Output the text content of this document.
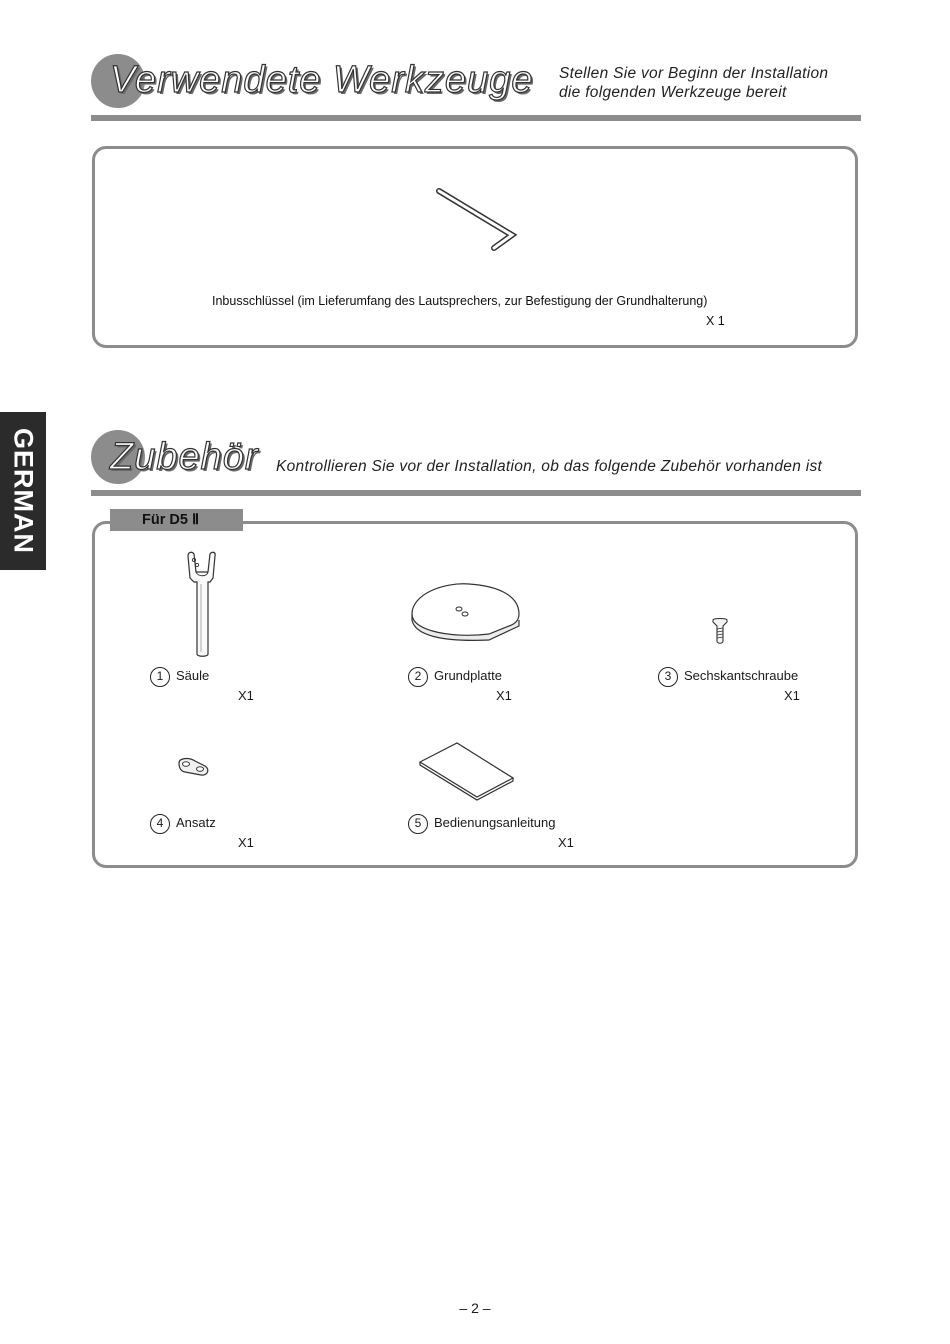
Verwendete Werkzeuge Stellen Sie vor Beginn der Installation
die folgenden Werkzeuge bereit
Inbusschlüssel (im Lieferumfang des Lautsprechers, zur Befestigung der Grundhalterung)
X 1
GERMAN Zubehör Kontrollieren Sie vor der Installation, ob das folgende Zubehör vorhanden ist
Für D5 Ⅱ
1 Säule
X1
2 Grundplatte
X1
3 Sechskantschraube
X1
4 Ansatz
X1
5 Bedienungsanleitung
X1
– 2 –
